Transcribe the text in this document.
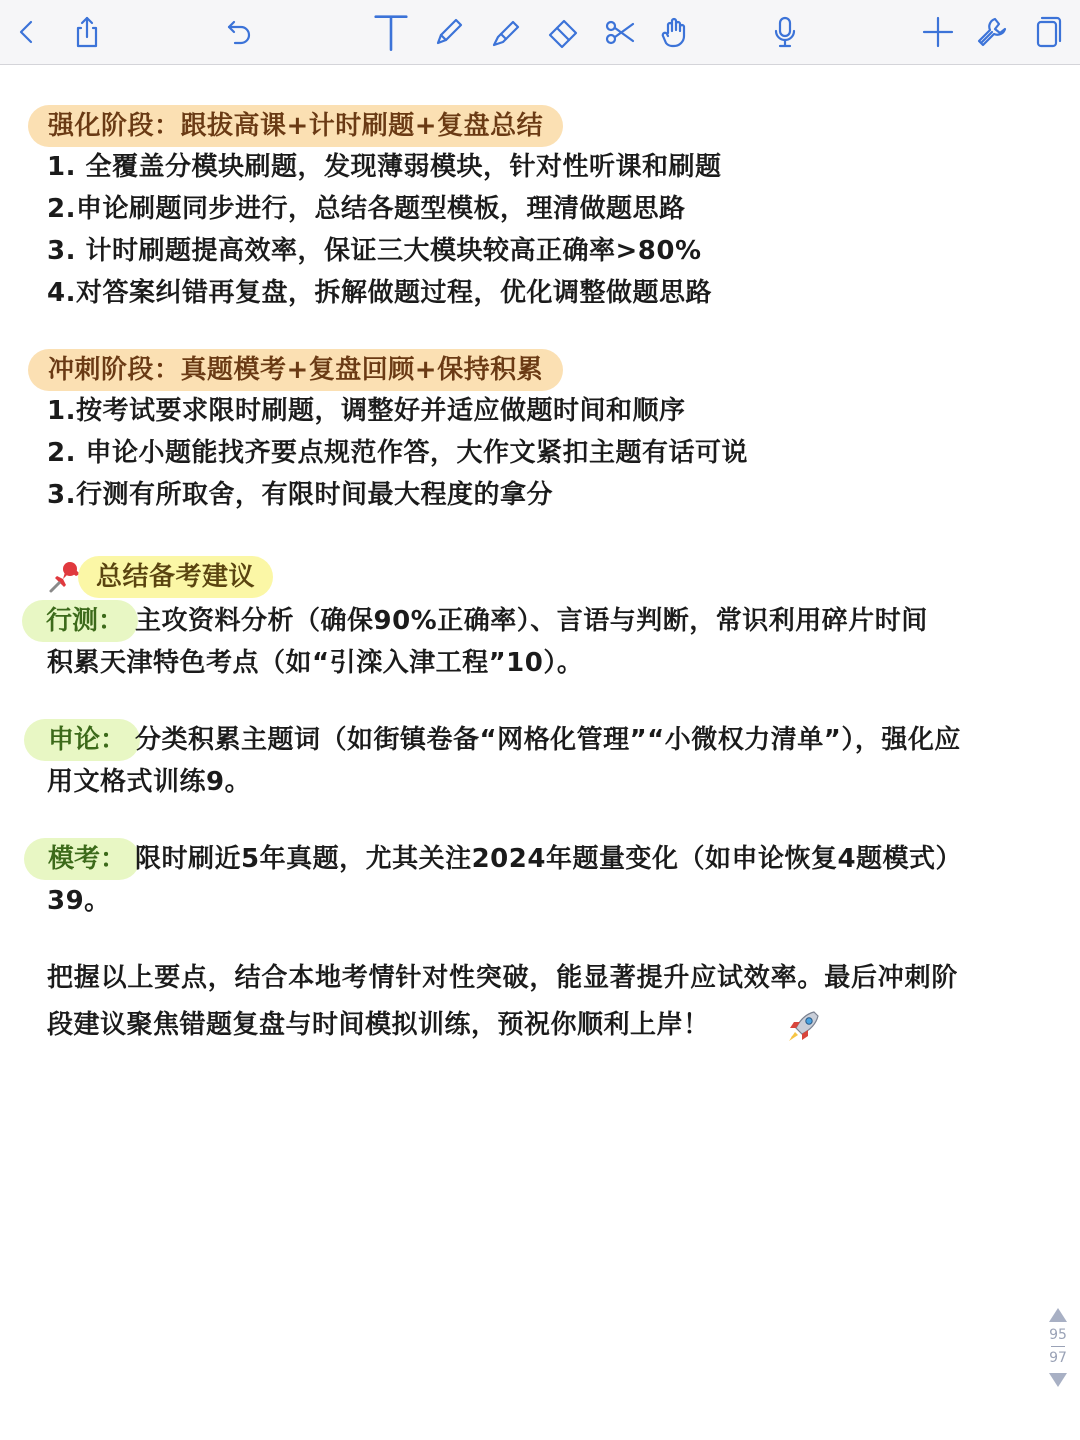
强化阶段：跟拔高课+计时刷题+复盘总结
1. 全覆盖分模块刷题，发现薄弱模块，针对性听课和刷题
2.申论刷题同步进行，总结各题型模板，理清做题思路
3. 计时刷题提高效率，保证三大模块较高正确率>80%
4.对答案纠错再复盘，拆解做题过程，优化调整做题思路
冲刺阶段：真题模考+复盘回顾+保持积累
1.按考试要求限时刷题，调整好并适应做题时间和顺序
2. 申论小题能找齐要点规范作答，大作文紧扣主题有话可说
3.行测有所取舍，有限时间最大程度的拿分
总结备考建议
行测： 主攻资料分析（确保90%正确率）、言语与判断，常识利用碎片时间
积累天津特色考点（如“引滦入津工程”10）。
申论： 分类积累主题词（如街镇卷备“网格化管理”“小微权力清单”），强化应
用文格式训练9。
模考： 限时刷近5年真题，尤其关注2024年题量变化（如申论恢复4题模式）
39。
把握以上要点，结合本地考情针对性突破，能显著提升应试效率。最后冲刺阶
段建议聚焦错题复盘与时间模拟训练，预祝你顺利上岸！
95
97
